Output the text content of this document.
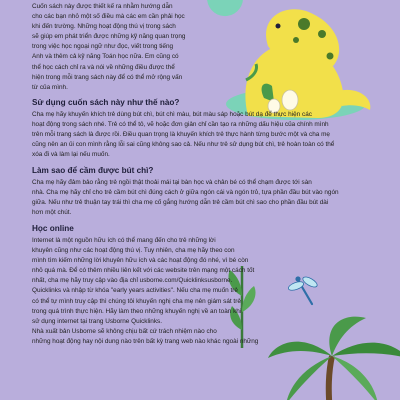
Cuốn sách này được thiết kế ra nhằm hướng dẫn

cho các bạn nhỏ một số điều mà các em cần phải học

khi đến trường. Những hoạt động thú vị trong sách

sẽ giúp em phát triển được những kỹ năng quan trọng

trong việc học ngoại ngữ như đọc, viết trong tiếng

Anh và thêm cả kỹ năng Toán học nữa. Em cũng có

thể học cách chỉ ra và nói về những điều được thể

hiện trong mỗi trang sách này để có thể mở rộng vấn

từ của mình.

Sử dụng cuốn sách này như thế nào?

Cha mẹ hãy khuyến khích trẻ dùng bút chì, bút chì màu, bút màu sáp hoặc bút dạ để thực hiện các

hoạt động trong sách nhé. Trẻ có thể tô, vẽ hoặc đơn giản chỉ cần tạo ra những dấu hiệu của chính mình

trên mỗi trang sách là được rồi. Điều quan trọng là khuyến khích trẻ thực hành từng bước một và cha mẹ

cũng nên an ủi con mình rằng lỗi sai cũng không sao cả. Nếu như trẻ sử dụng bút chì, trẻ hoàn toàn có thể

xóa đi và làm lại nếu muốn.

Làm sao để cầm được bút chì?

Cha mẹ hãy đảm bảo rằng trẻ ngồi thật thoải mái tại bàn học và chân bé có thể chạm được tới sàn

nhà. Cha mẹ hãy chỉ cho trẻ cầm bút chì đúng cách ở giữa ngón cái và ngón trỏ, tựa phần đầu bút vào ngón

giữa. Nếu như trẻ thuận tay trái thì cha mẹ cố gắng hướng dẫn trẻ cầm bút chì sao cho phần đầu bút dài

hơn một chút.

Học online

Internet là một nguồn hữu ích có thể mang đến cho trẻ những lời

khuyên cũng như các hoạt động thú vị. Tuy nhiên, cha mẹ hãy theo con

mình tìm kiếm những lời khuyên hữu ích và các hoạt động đó nhé, vì bé còn

nhỏ quá mà. Để có thêm nhiều liên kết với các website trên mạng một cách tốt

nhất, cha mẹ hãy truy cập vào địa chỉ usborne.com/Quicklinksusborne.

Quicklinks và nhập từ khóa "early years activities". Nếu cha mẹ muốn trẻ

có thể tự mình truy cập thì chúng tôi khuyến nghị cha mẹ nên giám sát trẻ

trong quá trình thực hiện. Hãy làm theo những khuyến nghị về an toàn khi

sử dụng internet tại trang Usborne Quicklinks.

Nhà xuất bản Usborne sẽ không chịu bất cứ trách nhiệm nào cho

những hoạt động hay nội dung nào trên bất kỳ trang web nào khác ngoài những
